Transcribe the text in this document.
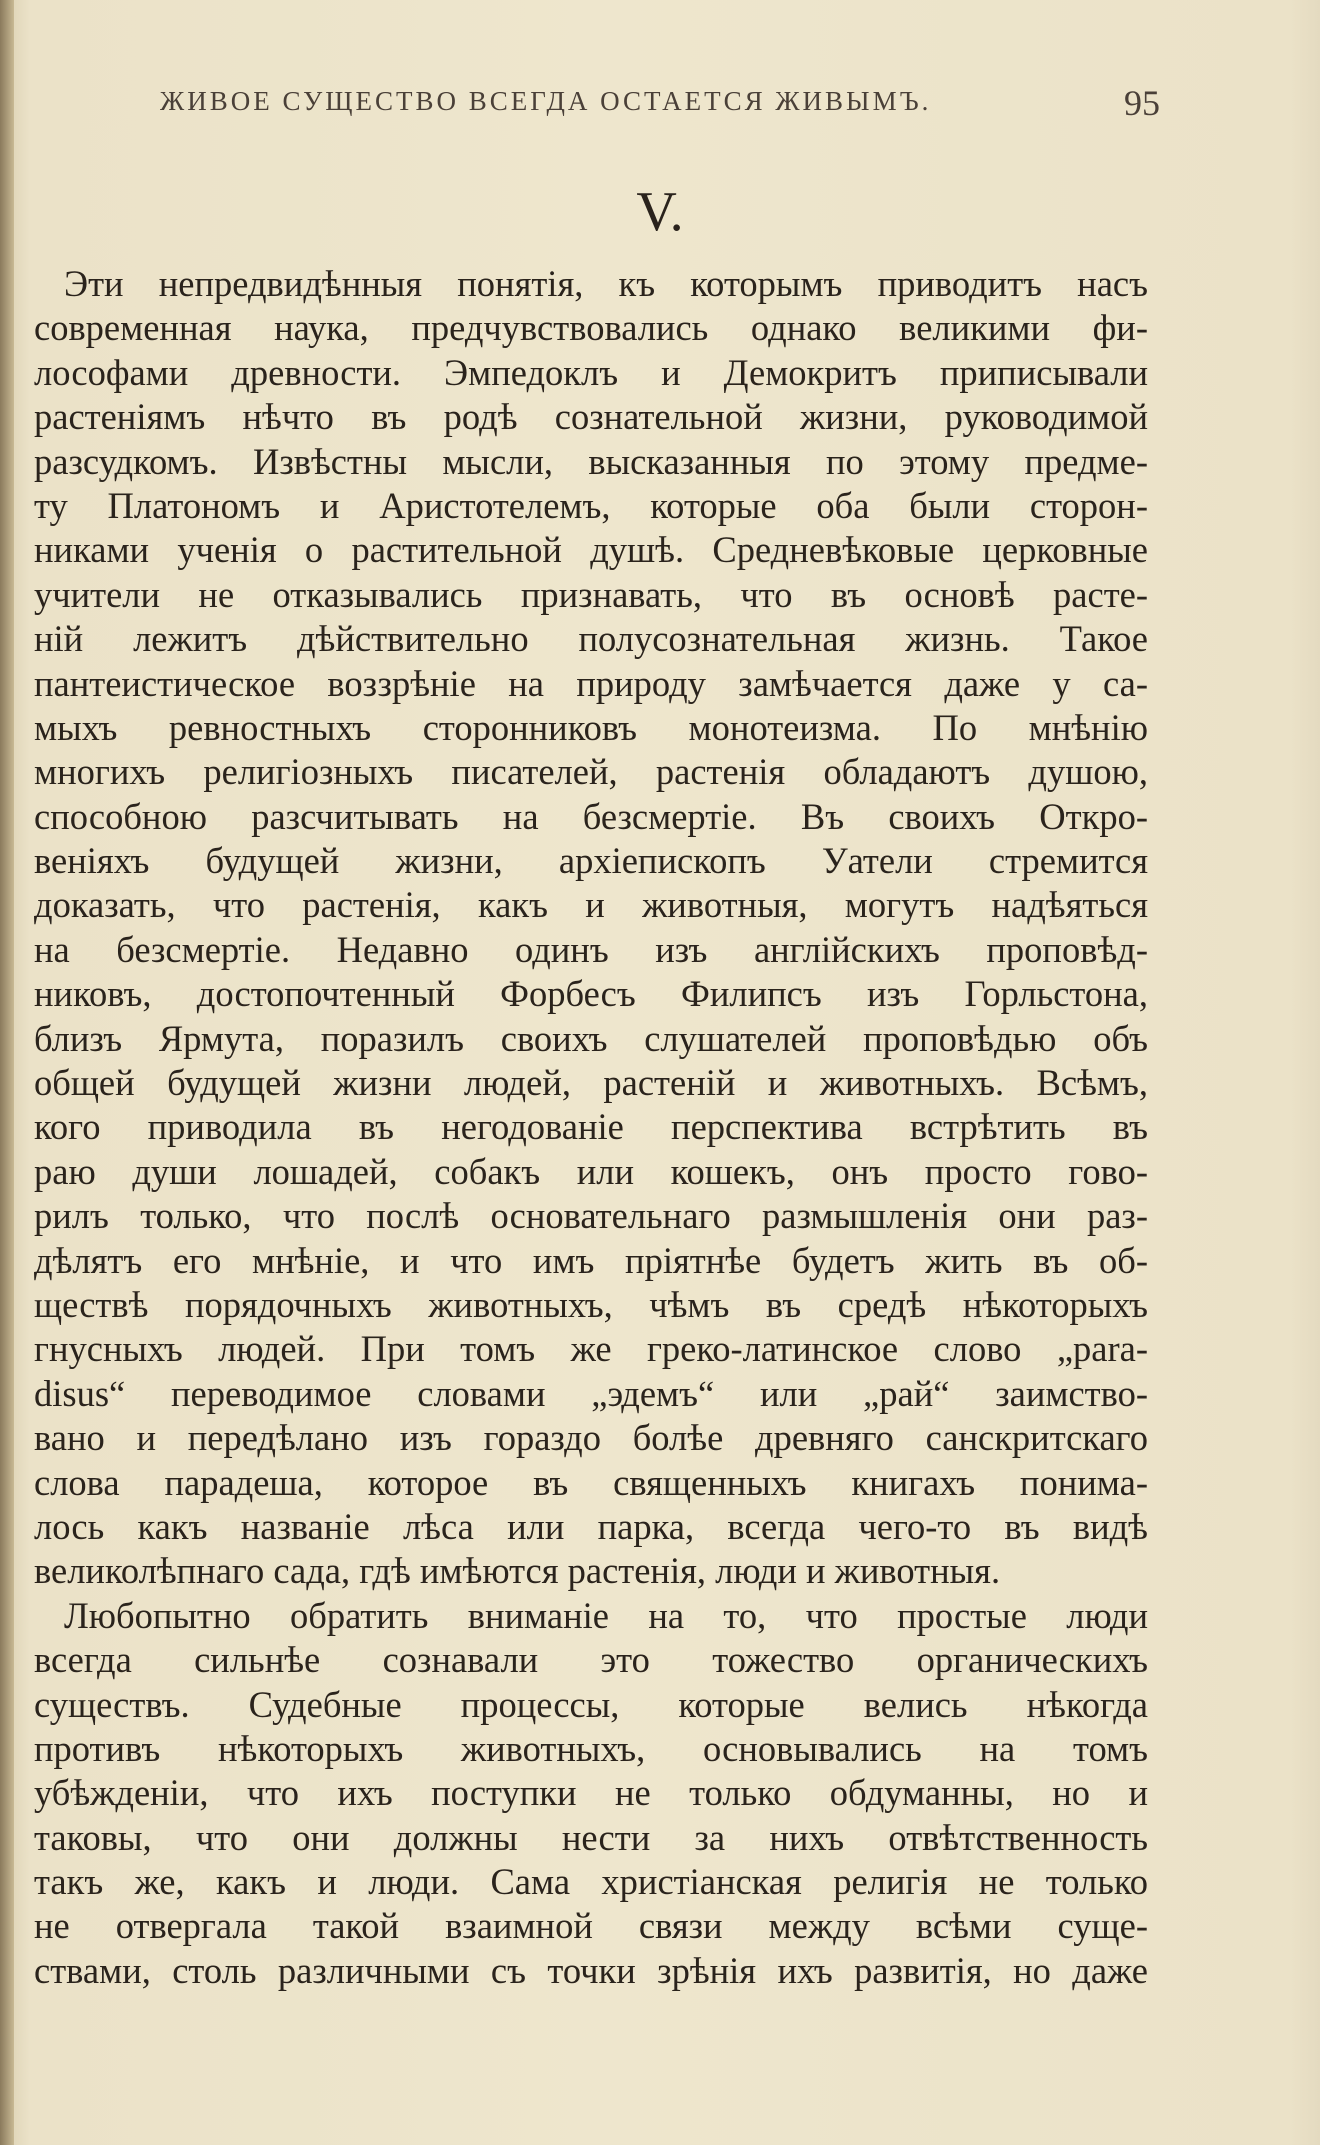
ЖИВОЕ СУЩЕСТВО ВСЕГДА ОСТАЕТСЯ ЖИВЫМЪ.	95
V.
Эти непредвидѣнныя понятія, къ которымъ приводитъ насъ
современная наука, предчувствовались однако великими фи-
лософами древности. Эмпедоклъ и Демокритъ приписывали
растеніямъ нѣчто въ родѣ сознательной жизни, руководимой
разсудкомъ. Извѣстны мысли, высказанныя по этому предме-
ту Платономъ и Аристотелемъ, которые оба были сторон-
никами ученія о растительной душѣ. Средневѣковые церковные
учители не отказывались признавать, что въ основѣ расте-
ній лежитъ дѣйствительно полусознательная жизнь. Такое
пантеистическое воззрѣніе на природу замѣчается даже у са-
мыхъ ревностныхъ сторонниковъ монотеизма. По мнѣнію
многихъ религіозныхъ писателей, растенія обладаютъ душою,
способною разсчитывать на безсмертіе. Въ своихъ Откро-
веніяхъ будущей жизни, архіепископъ Уатели стремится
доказать, что растенія, какъ и животныя, могутъ надѣяться
на безсмертіе. Недавно одинъ изъ англійскихъ проповѣд-
никовъ, достопочтенный Форбесъ Филипсъ изъ Горльстона,
близъ Ярмута, поразилъ своихъ слушателей проповѣдью объ
общей будущей жизни людей, растеній и животныхъ. Всѣмъ,
кого приводила въ негодованіе перспектива встрѣтить въ
раю души лошадей, собакъ или кошекъ, онъ просто гово-
рилъ только, что послѣ основательнаго размышленія они раз-
дѣлятъ его мнѣніе, и что имъ пріятнѣе будетъ жить въ об-
ществѣ порядочныхъ животныхъ, чѣмъ въ средѣ нѣкоторыхъ
гнусныхъ людей. При томъ же греко-латинское слово „para-
disus“ переводимое словами „эдемъ“ или „рай“ заимство-
вано и передѣлано изъ гораздо болѣе древняго санскритскаго
слова парадеша, которое въ священныхъ книгахъ понима-
лось какъ названіе лѣса или парка, всегда чего-то въ видѣ
великолѣпнаго сада, гдѣ имѣются растенія, люди и животныя.
Любопытно обратить вниманіе на то, что простые люди
всегда сильнѣе сознавали это тожество органическихъ
существъ. Судебные процессы, которые велись нѣкогда
противъ нѣкоторыхъ животныхъ, основывались на томъ
убѣжденіи, что ихъ поступки не только обдуманны, но и
таковы, что они должны нести за нихъ отвѣтственность
такъ же, какъ и люди. Сама христіанская религія не только
не отвергала такой взаимной связи между всѣми суще-
ствами, столь различными съ точки зрѣнія ихъ развитія, но даже
